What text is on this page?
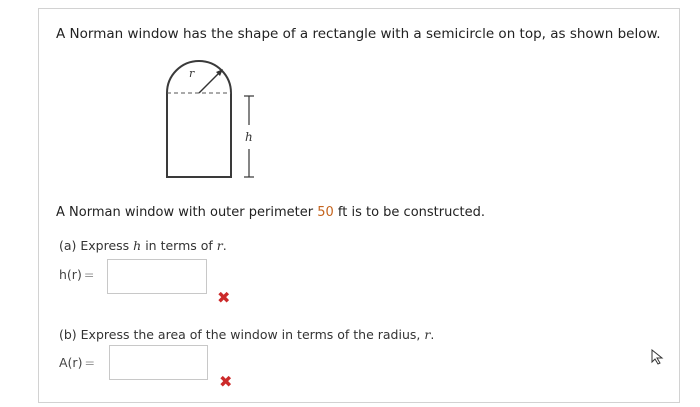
A Norman window has the shape of a rectangle with a semicircle on top, as shown below.
r
h
A Norman window with outer perimeter 50 ft is to be constructed.
(a) Express h in terms of r.
h(r) =
✖
(b) Express the area of the window in terms of the radius, r.
A(r) =
✖
